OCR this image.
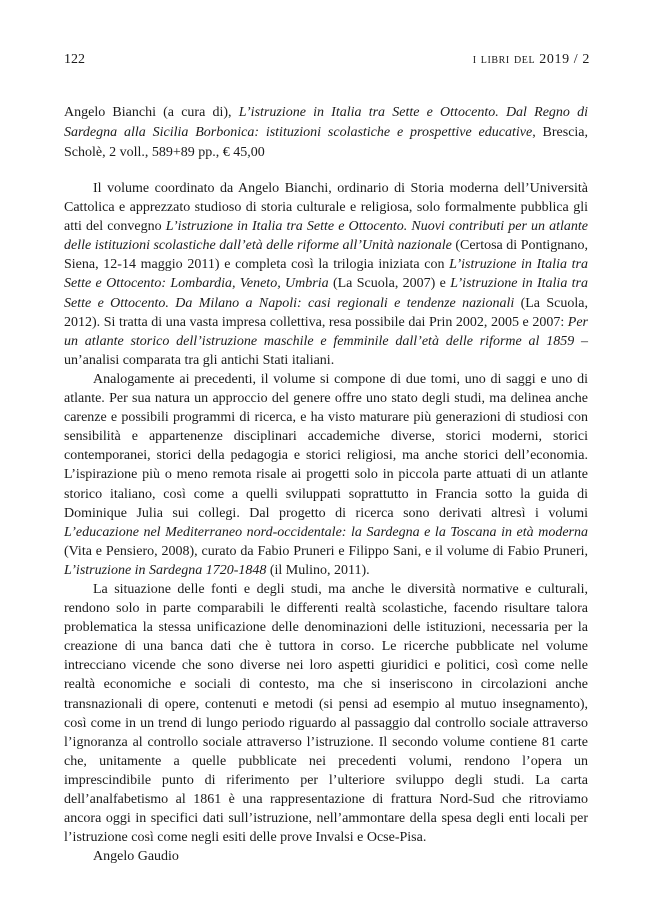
122	i libri del 2019 / 2
Angelo Bianchi (a cura di), L’istruzione in Italia tra Sette e Ottocento. Dal Regno di Sardegna alla Sicilia Borbonica: istituzioni scolastiche e prospettive educative, Brescia, Scholè, 2 voll., 589+89 pp., € 45,00

Il volume coordinato da Angelo Bianchi, ordinario di Storia moderna dell’Università Cattolica e apprezzato studioso di storia culturale e religiosa, solo formalmente pubblica gli atti del convegno L’istruzione in Italia tra Sette e Ottocento. Nuovi contributi per un atlante delle istituzioni scolastiche dall’età delle riforme all’Unità nazionale (Certosa di Pontignano, Siena, 12-14 maggio 2011) e completa così la trilogia iniziata con L’istruzione in Italia tra Sette e Ottocento: Lombardia, Veneto, Umbria (La Scuola, 2007) e L’istruzione in Italia tra Sette e Ottocento. Da Milano a Napoli: casi regionali e tendenze nazionali (La Scuola, 2012). Si tratta di una vasta impresa collettiva, resa possibile dai Prin 2002, 2005 e 2007: Per un atlante storico dell’istruzione maschile e femminile dall’età delle riforme al 1859 – un’analisi comparata tra gli antichi Stati italiani.

Analogamente ai precedenti, il volume si compone di due tomi, uno di saggi e uno di atlante. Per sua natura un approccio del genere offre uno stato degli studi, ma delinea anche carenze e possibili programmi di ricerca, e ha visto maturare più generazioni di studiosi con sensibilità e appartenenze disciplinari accademiche diverse, storici moderni, storici contemporanei, storici della pedagogia e storici religiosi, ma anche storici dell’economia. L’ispirazione più o meno remota risale ai progetti solo in piccola parte attuati di un atlante storico italiano, così come a quelli sviluppati soprattutto in Francia sotto la guida di Dominique Julia sui collegi. Dal progetto di ricerca sono derivati altresì i volumi L’educazione nel Mediterraneo nord-occidentale: la Sardegna e la Toscana in età moderna (Vita e Pensiero, 2008), curato da Fabio Pruneri e Filippo Sani, e il volume di Fabio Pruneri, L’istruzione in Sardegna 1720-1848 (il Mulino, 2011).

La situazione delle fonti e degli studi, ma anche le diversità normative e culturali, rendono solo in parte comparabili le differenti realtà scolastiche, facendo risultare talora problematica la stessa unificazione delle denominazioni delle istituzioni, necessaria per la creazione di una banca dati che è tuttora in corso. Le ricerche pubblicate nel volume intrecciano vicende che sono diverse nei loro aspetti giuridici e politici, così come nelle realtà economiche e sociali di contesto, ma che si inseriscono in circolazioni anche transnazionali di opere, contenuti e metodi (si pensi ad esempio al mutuo insegnamento), così come in un trend di lungo periodo riguardo al passaggio dal controllo sociale attraverso l’ignoranza al controllo sociale attraverso l’istruzione. Il secondo volume contiene 81 carte che, unitamente a quelle pubblicate nei precedenti volumi, rendono l’opera un imprescindibile punto di riferimento per l’ulteriore sviluppo degli studi. La carta dell’analfabetismo al 1861 è una rappresentazione di frattura Nord-Sud che ritroviamo ancora oggi in specifici dati sull’istruzione, nell’ammontare della spesa degli enti locali per l’istruzione così come negli esiti delle prove Invalsi e Ocse-Pisa.

Angelo Gaudio
